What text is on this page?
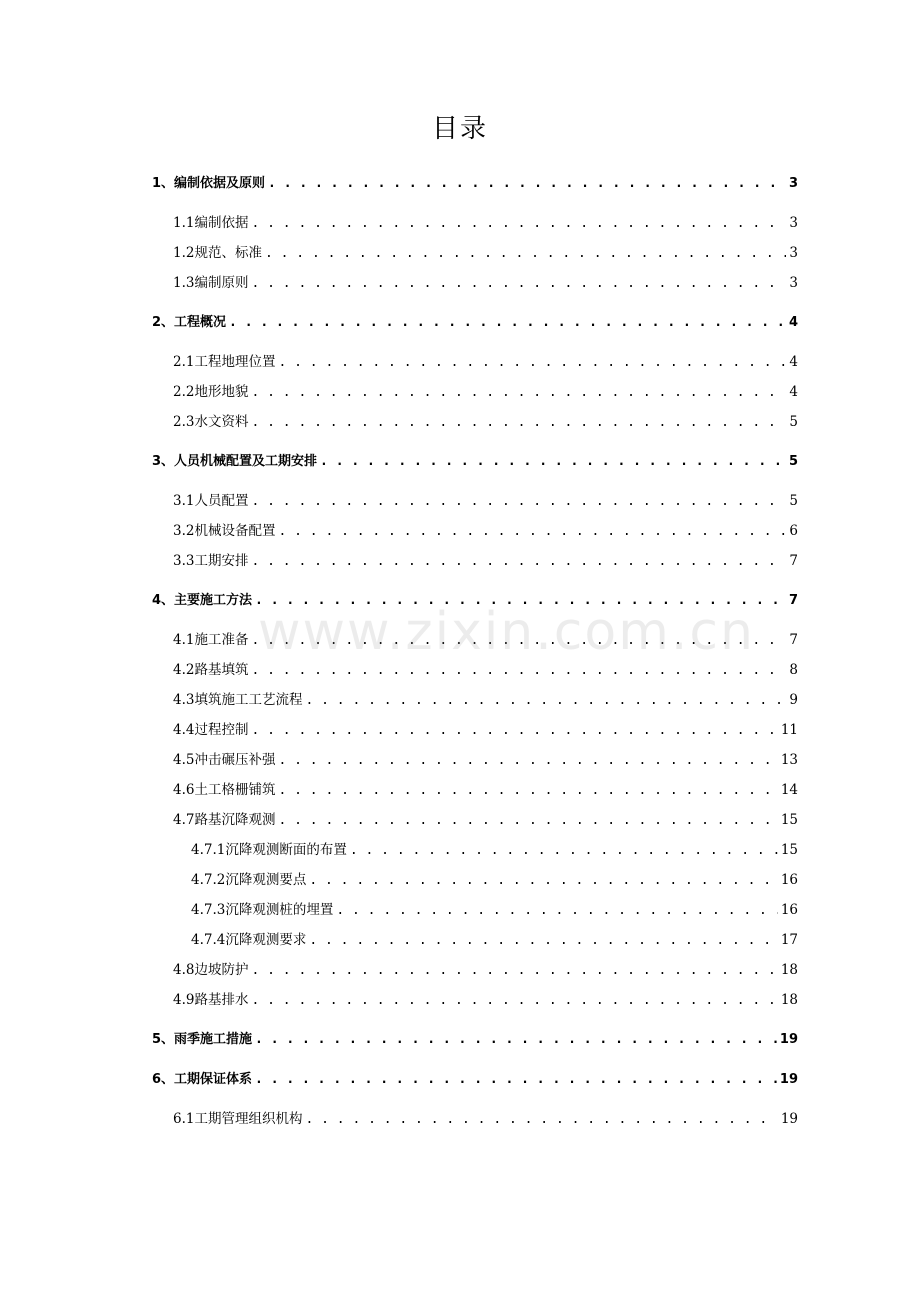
目录
1、编制依据及原则 . . .	3
1.1编制依据 . . .	3
1.2规范、标准 . . .	3
1.3编制原则 . . .	3
2、工程概况 . . .	4
2.1工程地理位置 . . .	4
2.2地形地貌 . . .	4
2.3水文资料 . . .	5
3、人员机械配置及工期安排 . . .	5
3.1人员配置 . . .	5
3.2机械设备配置 . . .	6
3.3工期安排 . . .	7
4、主要施工方法 . . .	7
4.1施工准备 . . .	7
4.2路基填筑 . . .	8
4.3填筑施工工艺流程 . . .	9
4.4过程控制 . . .	11
4.5冲击碾压补强 . . .	13
4.6土工格栅铺筑 . . .	14
4.7路基沉降观测 . . .	15
4.7.1沉降观测断面的布置 . . .	15
4.7.2沉降观测要点 . . .	16
4.7.3沉降观测桩的埋置 . . .	16
4.7.4沉降观测要求 . . .	17
4.8边坡防护 . . .	18
4.9路基排水 . . .	18
5、雨季施工措施 . . .	19
6、工期保证体系 . . .	19
6.1工期管理组织机构 . . .	19
www.zixin.com.cn
